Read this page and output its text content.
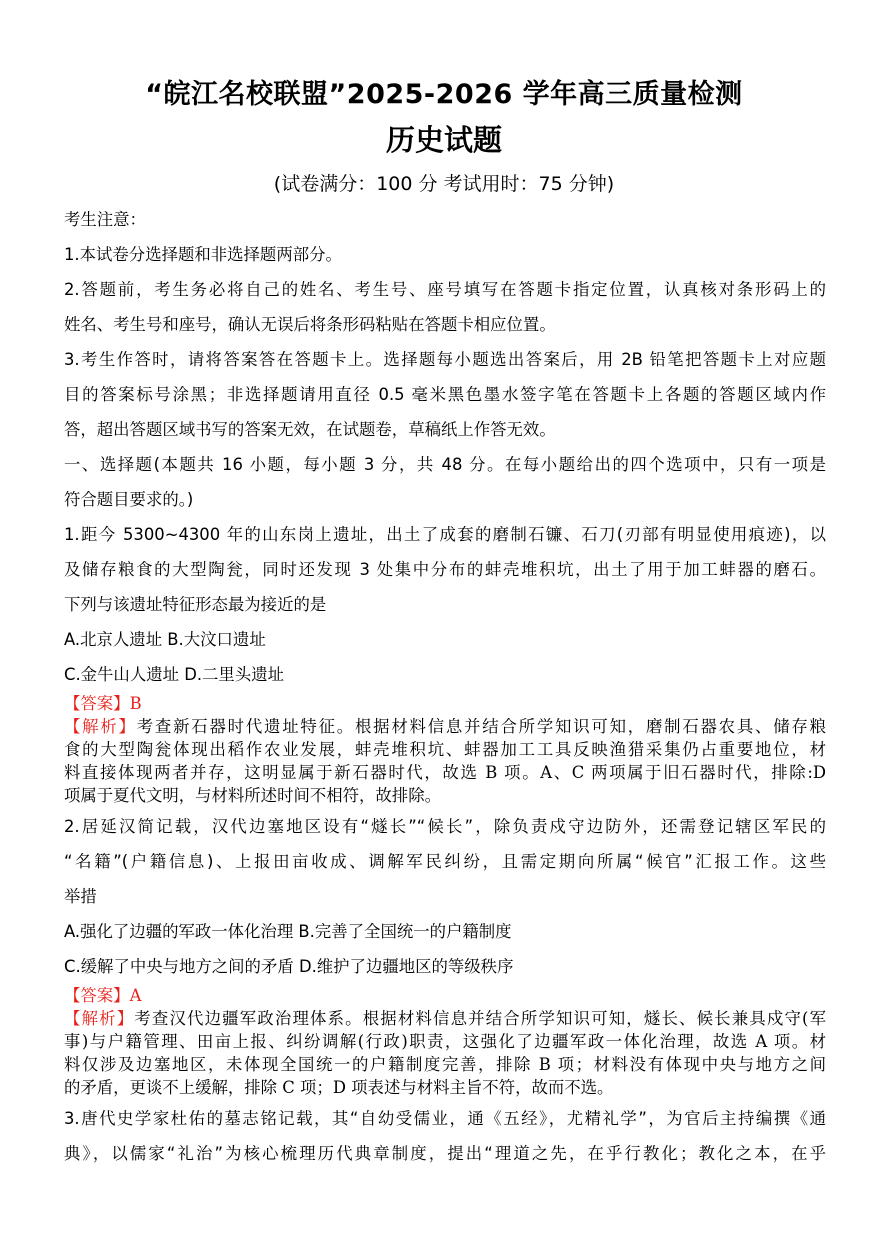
“皖江名校联盟”2025-2026 学年高三质量检测
历史试题
(试卷满分：100 分 考试用时：75 分钟)
考生注意：
1.本试卷分选择题和非选择题两部分。
2.答题前，考生务必将自己的姓名、考生号、座号填写在答题卡指定位置，认真核对条形码上的
姓名、考生号和座号，确认无误后将条形码粘贴在答题卡相应位置。
3.考生作答时，请将答案答在答题卡上。选择题每小题选出答案后，用 2B 铅笔把答题卡上对应题
目的答案标号涂黑；非选择题请用直径 0.5 毫米黑色墨水签字笔在答题卡上各题的答题区域内作
答，超出答题区域书写的答案无效，在试题卷，草稿纸上作答无效。
一、选择题(本题共 16 小题，每小题 3 分，共 48 分。在每小题给出的四个选项中，只有一项是
符合题目要求的。)
1.距今 5300~4300 年的山东岗上遗址，出土了成套的磨制石镰、石刀(刃部有明显使用痕迹)，以
及储存粮食的大型陶瓮，同时还发现 3 处集中分布的蚌壳堆积坑，出土了用于加工蚌器的磨石。
下列与该遗址特征形态最为接近的是
A.北京人遗址 B.大汶口遗址
C.金牛山人遗址 D.二里头遗址
【答案】B
【解析】考查新石器时代遗址特征。根据材料信息并结合所学知识可知，磨制石器农具、储存粮
食的大型陶瓮体现出稻作农业发展，蚌壳堆积坑、蚌器加工工具反映渔猎采集仍占重要地位，材
料直接体现两者并存，这明显属于新石器时代，故选 B 项。A、C 两项属于旧石器时代，排除:D
项属于夏代文明，与材料所述时间不相符，故排除。
2.居延汉简记载，汉代边塞地区设有“燧长”“候长”，除负责戍守边防外，还需登记辖区军民的
“名籍”(户籍信息)、上报田亩收成、调解军民纠纷，且需定期向所属“候官”汇报工作。这些
举措
A.强化了边疆的军政一体化治理 B.完善了全国统一的户籍制度
C.缓解了中央与地方之间的矛盾 D.维护了边疆地区的等级秩序
【答案】A
【解析】考查汉代边疆军政治理体系。根据材料信息并结合所学知识可知，燧长、候长兼具戍守(军
事)与户籍管理、田亩上报、纠纷调解(行政)职责，这强化了边疆军政一体化治理，故选 A 项。材
料仅涉及边塞地区，未体现全国统一的户籍制度完善，排除 B 项；材料没有体现中央与地方之间
的矛盾，更谈不上缓解，排除 C 项；D 项表述与材料主旨不符，故而不选。
3.唐代史学家杜佑的墓志铭记载，其“自幼受儒业，通《五经》，尤精礼学”，为官后主持编撰《通
典》，以儒家“礼治”为核心梳理历代典章制度，提出“理道之先，在乎行教化；教化之本，在乎
